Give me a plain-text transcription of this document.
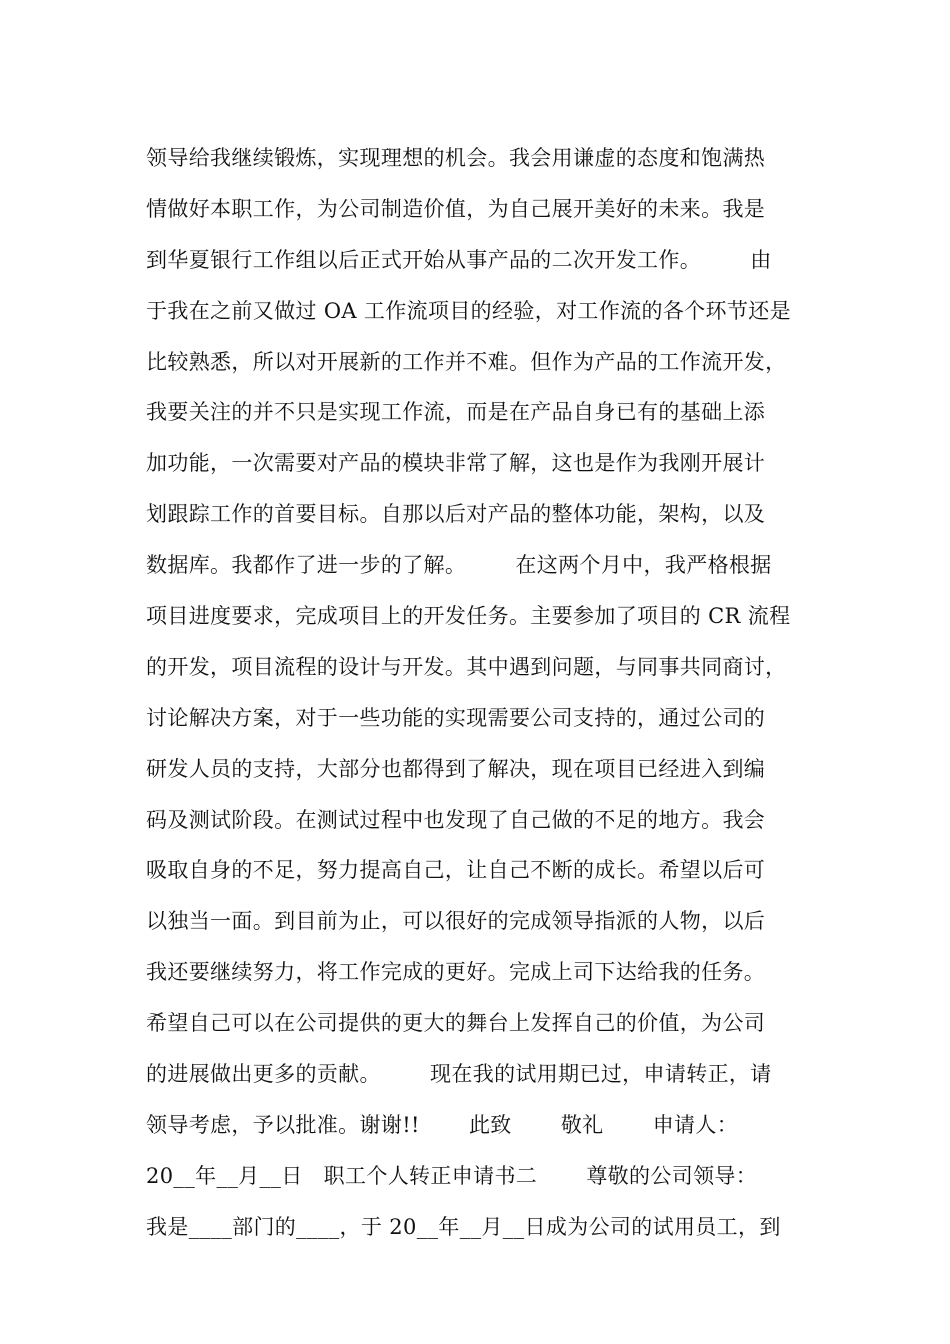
领导给我继续锻炼，实现理想的机会。我会用谦虚的态度和饱满热
情做好本职工作，为公司制造价值，为自己展开美好的未来。我是
到华夏银行工作组以后正式开始从事产品的二次开发工作。       由
于我在之前又做过 OA 工作流项目的经验，对工作流的各个环节还是
比较熟悉，所以对开展新的工作并不难。但作为产品的工作流开发，
我要关注的并不只是实现工作流，而是在产品自身已有的基础上添
加功能，一次需要对产品的模块非常了解，这也是作为我刚开展计
划跟踪工作的首要目标。自那以后对产品的整体功能，架构，以及
数据库。我都作了进一步的了解。       在这两个月中，我严格根据
项目进度要求，完成项目上的开发任务。主要参加了项目的 CR 流程
的开发，项目流程的设计与开发。其中遇到问题，与同事共同商讨，
讨论解决方案，对于一些功能的实现需要公司支持的，通过公司的
研发人员的支持，大部分也都得到了解决，现在项目已经进入到编
码及测试阶段。在测试过程中也发现了自己做的不足的地方。我会
吸取自身的不足，努力提高自己，让自己不断的成长。希望以后可
以独当一面。到目前为止，可以很好的完成领导指派的人物，以后
我还要继续努力，将工作完成的更好。完成上司下达给我的任务。
希望自己可以在公司提供的更大的舞台上发挥自己的价值，为公司
的进展做出更多的贡献。       现在我的试用期已过，申请转正，请
领导考虑，予以批准。谢谢!!       此致       敬礼       申请人：
20__年__月__日   职工个人转正申请书二       尊敬的公司领导：
我是____部门的____，于 20__年__月__日成为公司的试用员工，到
